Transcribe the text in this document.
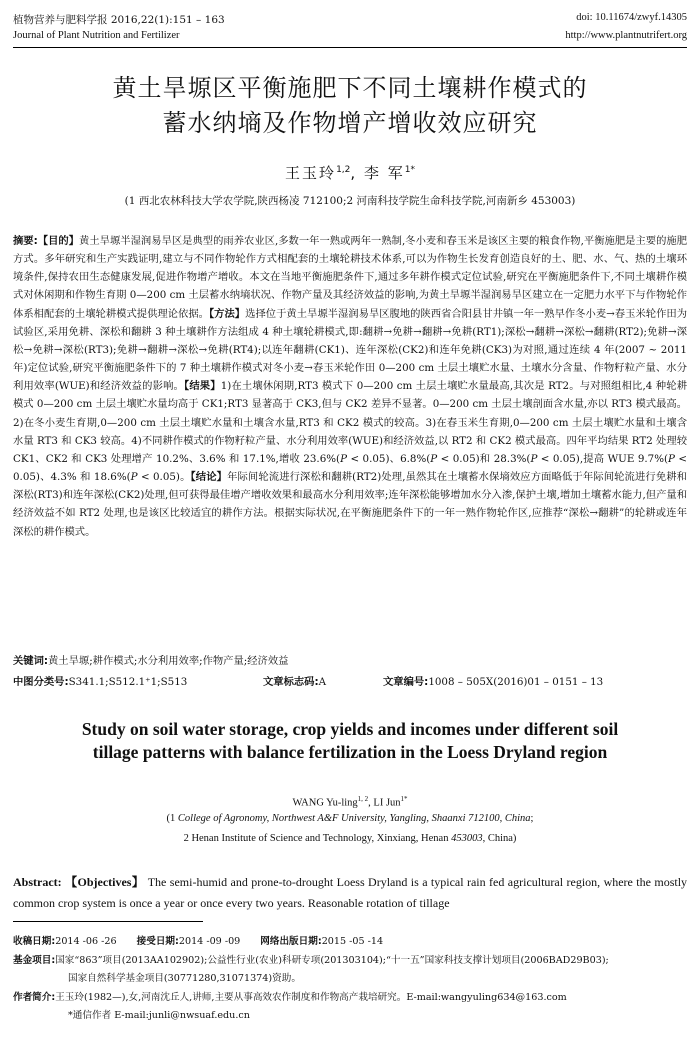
植物营养与肥料学报 2016,22(1):151 – 163
Journal of Plant Nutrition and Fertilizer
doi: 10.11674/zwyf.14305
http://www.plantnutrifert.org
黄土旱塬区平衡施肥下不同土壤耕作模式的
蓄水纳墒及作物增产增收效应研究
王玉玲$^{1,2}$, 李 军$^{1*}$
(1 西北农林科技大学农学院,陕西杨凌 712100;2 河南科技学院生命科技学院,河南新乡 453003)
摘要:【目的】黄土旱塬半湿润易旱区是典型的雨养农业区,多数一年一熟或两年一熟制,冬小麦和春玉米是该区主要的粮食作物,平衡施肥是主要的施肥方式。多年研究和生产实践证明,建立与不同作物轮作方式相配套的土壤轮耕技术体系,可以为作物生长发育创造良好的土、肥、水、气、热的土壤环境条件,保持农田生态健康发展,促进作物增产增收。本文在当地平衡施肥条件下,通过多年耕作模式定位试验,研究在平衡施肥条件下,不同土壤耕作模式对休闲期和作物生育期 0—200 cm 土层蓄水纳墒状况、作物产量及其经济效益的影响,为黄土旱塬半湿润易旱区建立在一定肥力水平下与作物轮作体系相配套的土壤轮耕模式提供理论依据。【方法】选择位于黄土旱塬半湿润易旱区腹地的陕西省合阳县甘井镇一年一熟早作冬小麦→春玉米轮作田为试验区,采用免耕、深松和翻耕 3 种土壤耕作方法组成 4 种土壤轮耕模式,即:翻耕→免耕→翻耕→免耕(RT1);深松→翻耕→深松→翻耕(RT2);免耕→深松→免耕→深松(RT3);免耕→翻耕→深松→免耕(RT4);以连年翻耕(CK1)、连年深松(CK2)和连年免耕(CK3)为对照,通过连续 4 年(2007 ~ 2011 年)定位试验,研究平衡施肥条件下的 7 种土壤耕作模式对冬小麦→春玉米轮作田 0—200 cm 土层土壤贮水量、土壤水分含量、作物籽粒产量、水分利用效率(WUE)和经济效益的影响。【结果】1)在土壤休闲期,RT3 模式下 0—200 cm 土层土壤贮水量最高,其次是 RT2。与对照组相比,4 种轮耕模式 0—200 cm 土层土壤贮水量均高于 CK1;RT3 显著高于 CK3,但与 CK2 差异不显著。0—200 cm 土层土壤剖面含水量,亦以 RT3 模式最高。2)在冬小麦生育期,0—200 cm 土层土壤贮水量和土壤含水量,RT3 和 CK2 模式的较高。3)在春玉米生育期,0—200 cm 土层土壤贮水量和土壤含水量 RT3 和 CK3 较高。4)不同耕作模式的作物籽粒产量、水分利用效率(WUE)和经济效益,以 RT2 和 CK2 模式最高。四年平均结果 RT2 处理较 CK1、CK2 和 CK3 处理增产 10.2%、3.6% 和 17.1%,增收 23.6%(P < 0.05)、6.8%(P < 0.05)和 28.3%(P < 0.05),提高 WUE 9.7%(P < 0.05)、4.3% 和 18.6%(P < 0.05)。【结论】年际间轮流进行深松和翻耕(RT2)处理,虽然其在土壤蓄水保墒效应方面略低于年际间轮流进行免耕和深松(RT3)和连年深松(CK2)处理,但可获得最佳增产增收效果和最高水分利用效率;连年深松能够增加水分入渗,保护土壤,增加土壤蓄水能力,但产量和经济效益不如 RT2 处理,也是该区比较适宜的耕作方法。根据实际状况,在平衡施肥条件下的一年一熟作物轮作区,应推荐“深松→翻耕”的轮耕或连年深松的耕作模式。
关键词:黄土旱塬;耕作模式;水分利用效率;作物产量;经济效益
中图分类号:S341.1;S512.1⁺1;S513	文章标志码:A	文章编号:1008 – 505X(2016)01 – 0151 – 13
Study on soil water storage, crop yields and incomes under different soil
tillage patterns with balance fertilization in the Loess Dryland region
WANG Yu-ling$^{1, 2}$, LI Jun$^{1*}$
(1 College of Agronomy, Northwest A&F University, Yangling, Shaanxi 712100, China;
2 Henan Institute of Science and Technology, Xinxiang, Henan 453003, China)
Abstract: 【Objectives】 The semi-humid and prone-to-drought Loess Dryland is a typical rain fed agricultural region, where the mostly common crop system is once a year or once every two years. Reasonable rotation of tillage
收稿日期:2014 -06 -26 接受日期:2014 -09 -09 网络出版日期:2015 -05 -14
基金项目:国家“863”项目(2013AA102902);公益性行业(农业)科研专项(201303104);“十一五”国家科技支撑计划项目(2006BAD29B03);
国家自然科学基金项目(30771280,31071374)资助。
作者简介:王玉玲(1982—),女,河南沈丘人,讲师,主要从事高效农作制度和作物高产栽培研究。E-mail:wangyuling634@163.com
*通信作者 E-mail:junli@nwsuaf.edu.cn
